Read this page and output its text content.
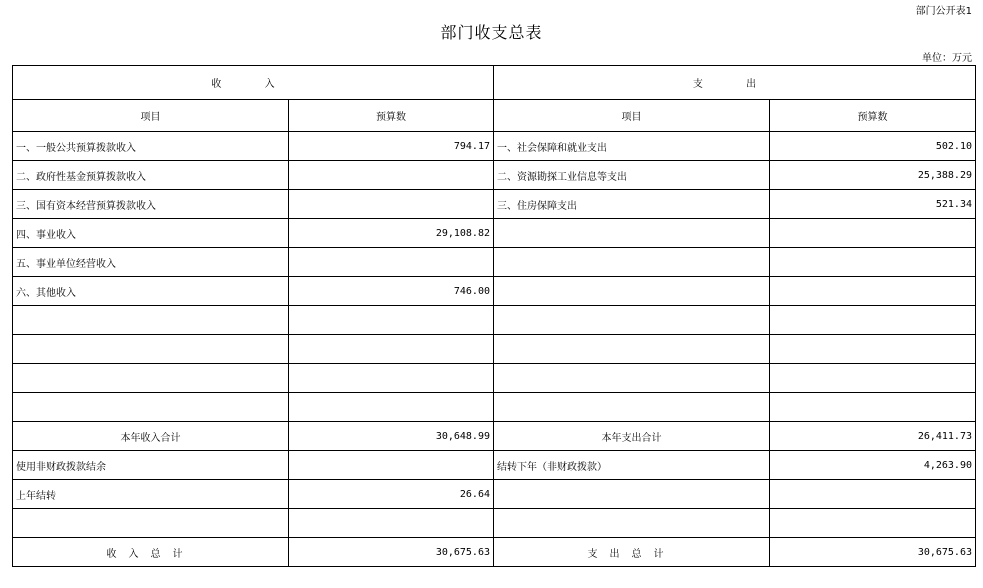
部门公开表1
部门收支总表
单位：万元
收 入		支 出	
项目	预算数	项目	预算数
一、一般公共预算拨款收入	794.17	一、社会保障和就业支出	502.10
二、政府性基金预算拨款收入		二、资源勘探工业信息等支出	25,388.29
三、国有资本经营预算拨款收入		三、住房保障支出	521.34
四、事业收入	29,108.82		
五、事业单位经营收入			
六、其他收入	746.00		

本年收入合计	30,648.99	本年支出合计	26,411.73
使用非财政拨款结余		结转下年（非财政拨款）	4,263.90
上年结转	26.64		

收入总计	30,675.63	支出总计	30,675.63
